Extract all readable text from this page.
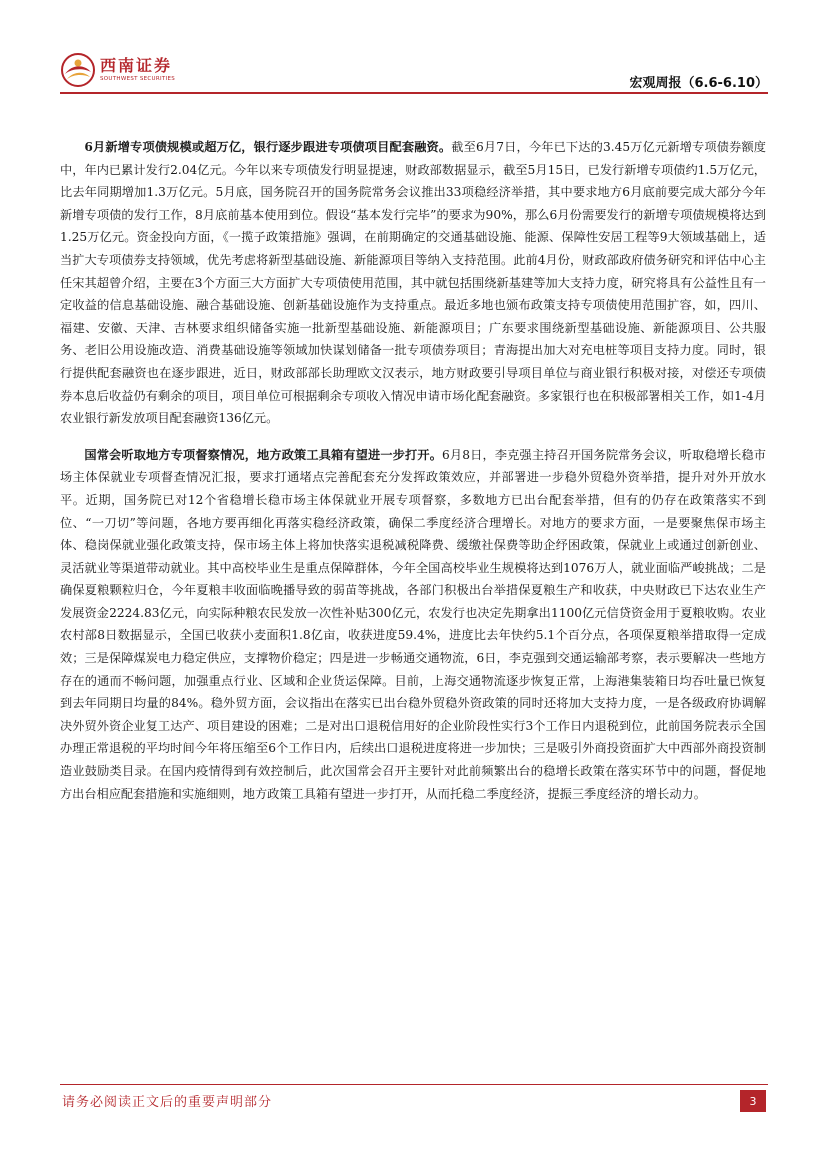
西南证券
SOUTHWEST SECURITIES	宏观周报（6.6-6.10）

6月新增专项债规模或超万亿，银行逐步跟进专项债项目配套融资。截至6月7日，今年已下达的3.45万亿元新增专项债券额度中，年内已累计发行2.04亿元。今年以来专项债发行明显提速，财政部数据显示，截至5月15日，已发行新增专项债约1.5万亿元，比去年同期增加1.3万亿元。5月底，国务院召开的国务院常务会议推出33项稳经济举措，其中要求地方6月底前要完成大部分今年新增专项债的发行工作，8月底前基本使用到位。假设“基本发行完毕”的要求为90%，那么6月份需要发行的新增专项债规模将达到1.25万亿元。资金投向方面，《一揽子政策措施》强调，在前期确定的交通基础设施、能源、保障性安居工程等9大领域基础上，适当扩大专项债券支持领域，优先考虑将新型基础设施、新能源项目等纳入支持范围。此前4月份，财政部政府债务研究和评估中心主任宋其超曾介绍，主要在3个方面三大方面扩大专项债使用范围，其中就包括围绕新基建等加大支持力度，研究将具有公益性且有一定收益的信息基础设施、融合基础设施、创新基础设施作为支持重点。最近多地也颁布政策支持专项债使用范围扩容，如，四川、福建、安徽、天津、吉林要求组织储备实施一批新型基础设施、新能源项目；广东要求围绕新型基础设施、新能源项目、公共服务、老旧公用设施改造、消费基础设施等领域加快谋划储备一批专项债券项目；青海提出加大对充电桩等项目支持力度。同时，银行提供配套融资也在逐步跟进，近日，财政部部长助理欧文汉表示，地方财政要引导项目单位与商业银行积极对接，对偿还专项债券本息后收益仍有剩余的项目，项目单位可根据剩余专项收入情况申请市场化配套融资。多家银行也在积极部署相关工作，如1-4月农业银行新发放项目配套融资136亿元。

国常会听取地方专项督察情况，地方政策工具箱有望进一步打开。6月8日，李克强主持召开国务院常务会议，听取稳增长稳市场主体保就业专项督查情况汇报，要求打通堵点完善配套充分发挥政策效应，并部署进一步稳外贸稳外资举措，提升对外开放水平。近期，国务院已对12个省稳增长稳市场主体保就业开展专项督察，多数地方已出台配套举措，但有的仍存在政策落实不到位、“一刀切”等问题，各地方要再细化再落实稳经济政策，确保二季度经济合理增长。对地方的要求方面，一是要聚焦保市场主体、稳岗保就业强化政策支持，保市场主体上将加快落实退税减税降费、缓缴社保费等助企纾困政策，保就业上或通过创新创业、灵活就业等渠道带动就业。其中高校毕业生是重点保障群体，今年全国高校毕业生规模将达到1076万人，就业面临严峻挑战；二是确保夏粮颗粒归仓，今年夏粮丰收面临晚播导致的弱苗等挑战，各部门积极出台举措保夏粮生产和收获，中央财政已下达农业生产发展资金2224.83亿元，向实际种粮农民发放一次性补贴300亿元，农发行也决定先期拿出1100亿元信贷资金用于夏粮收购。农业农村部8日数据显示，全国已收获小麦面积1.8亿亩，收获进度59.4%，进度比去年快约5.1个百分点，各项保夏粮举措取得一定成效；三是保障煤炭电力稳定供应，支撑物价稳定；四是进一步畅通交通物流，6日，李克强到交通运输部考察，表示要解决一些地方存在的通而不畅问题，加强重点行业、区域和企业货运保障。目前，上海交通物流逐步恢复正常，上海港集装箱日均吞吐量已恢复到去年同期日均量的84%。稳外贸方面，会议指出在落实已出台稳外贸稳外资政策的同时还将加大支持力度，一是各级政府协调解决外贸外资企业复工达产、项目建设的困难；二是对出口退税信用好的企业阶段性实行3个工作日内退税到位，此前国务院表示全国办理正常退税的平均时间今年将压缩至6个工作日内，后续出口退税进度将进一步加快；三是吸引外商投资面扩大中西部外商投资制造业鼓励类目录。在国内疫情得到有效控制后，此次国常会召开主要针对此前频繁出台的稳增长政策在落实环节中的问题，督促地方出台相应配套措施和实施细则，地方政策工具箱有望进一步打开，从而托稳二季度经济，提振三季度经济的增长动力。

请务必阅读正文后的重要声明部分	3
